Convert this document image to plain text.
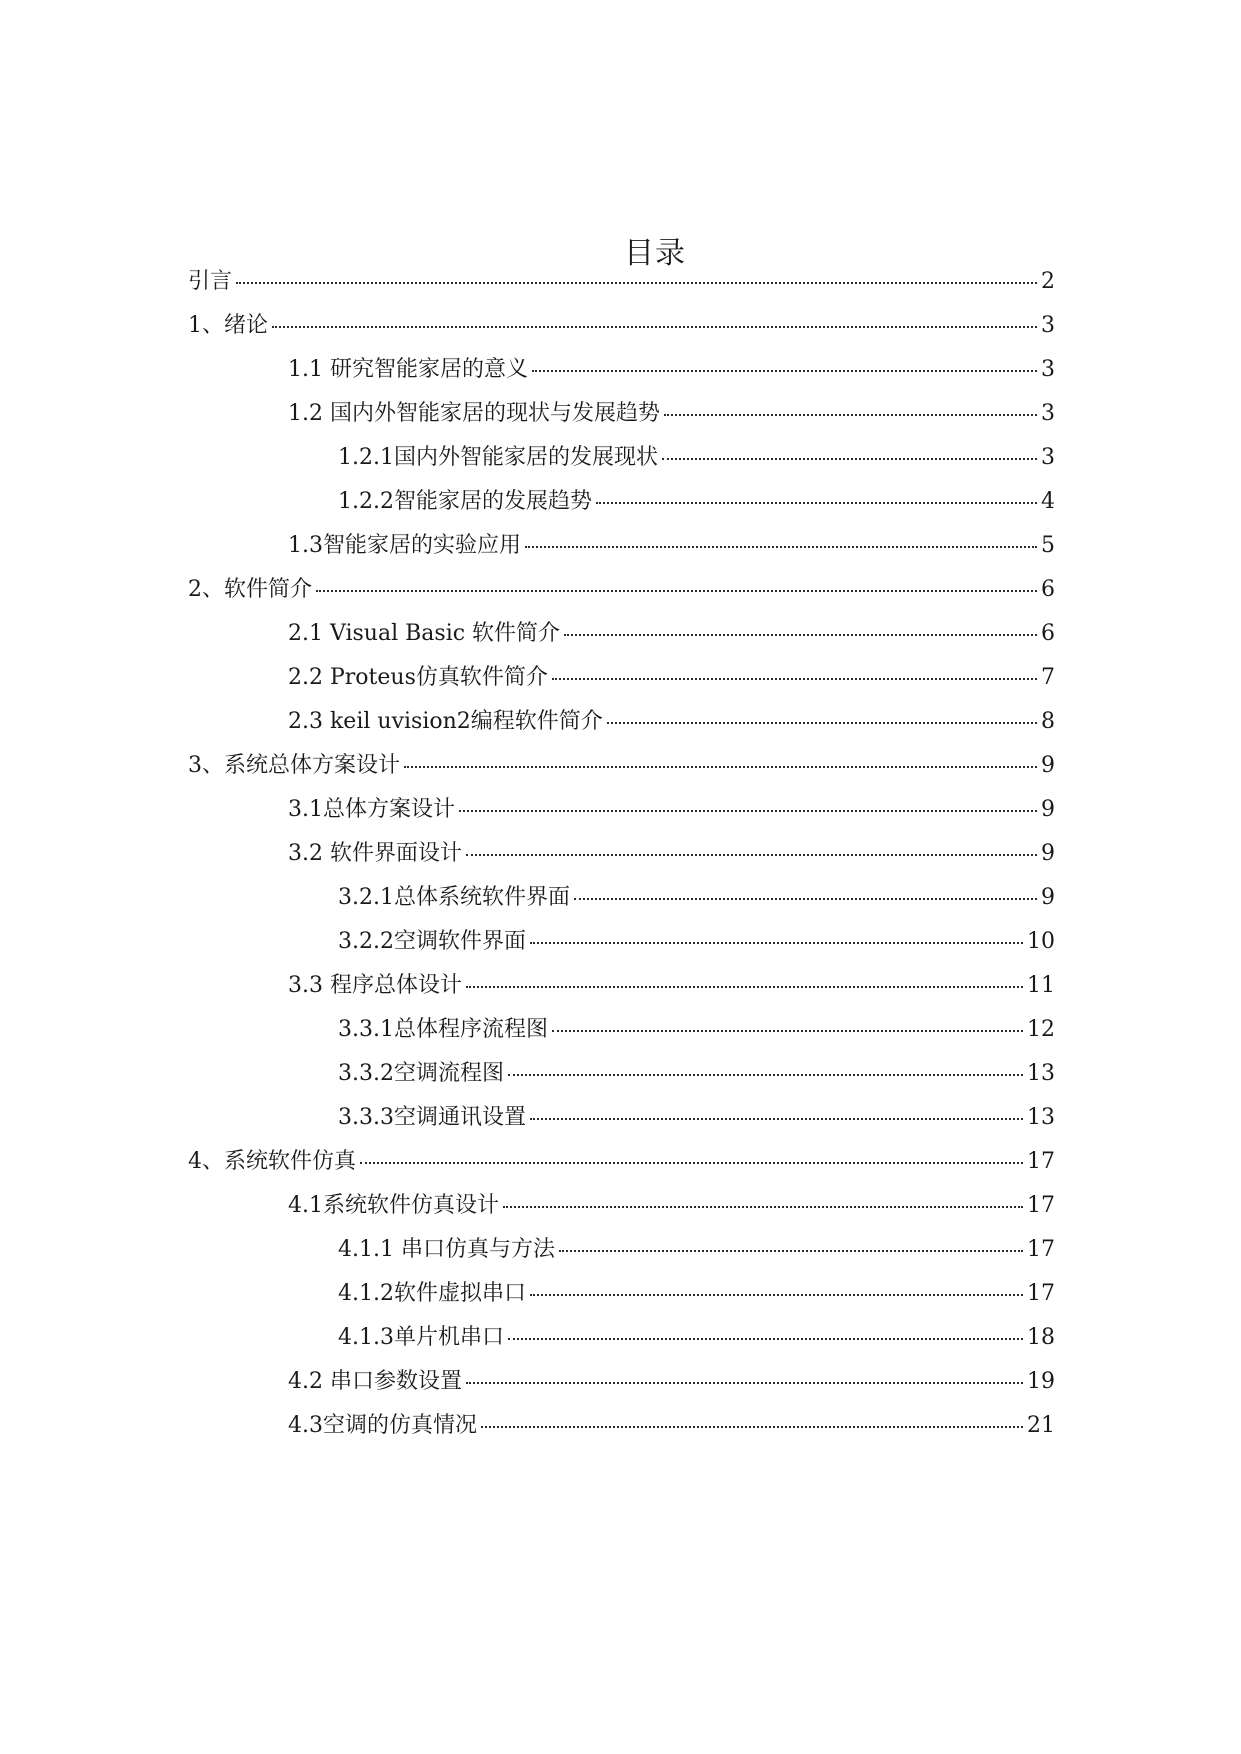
目录
引言	2
1、绪论	3
1.1 研究智能家居的意义	3
1.2 国内外智能家居的现状与发展趋势	3
1.2.1国内外智能家居的发展现状	3
1.2.2智能家居的发展趋势	4
1.3智能家居的实验应用	5
2、软件简介	6
2.1 Visual Basic 软件简介	6
2.2 Proteus仿真软件简介	7
2.3 keil uvision2编程软件简介	8
3、系统总体方案设计	9
3.1总体方案设计	9
3.2 软件界面设计	9
3.2.1总体系统软件界面	9
3.2.2空调软件界面	10
3.3 程序总体设计	11
3.3.1总体程序流程图	12
3.3.2空调流程图	13
3.3.3空调通讯设置	13
4、系统软件仿真	17
4.1系统软件仿真设计	17
4.1.1 串口仿真与方法	17
4.1.2软件虚拟串口	17
4.1.3单片机串口	18
4.2 串口参数设置	19
4.3空调的仿真情况	21
